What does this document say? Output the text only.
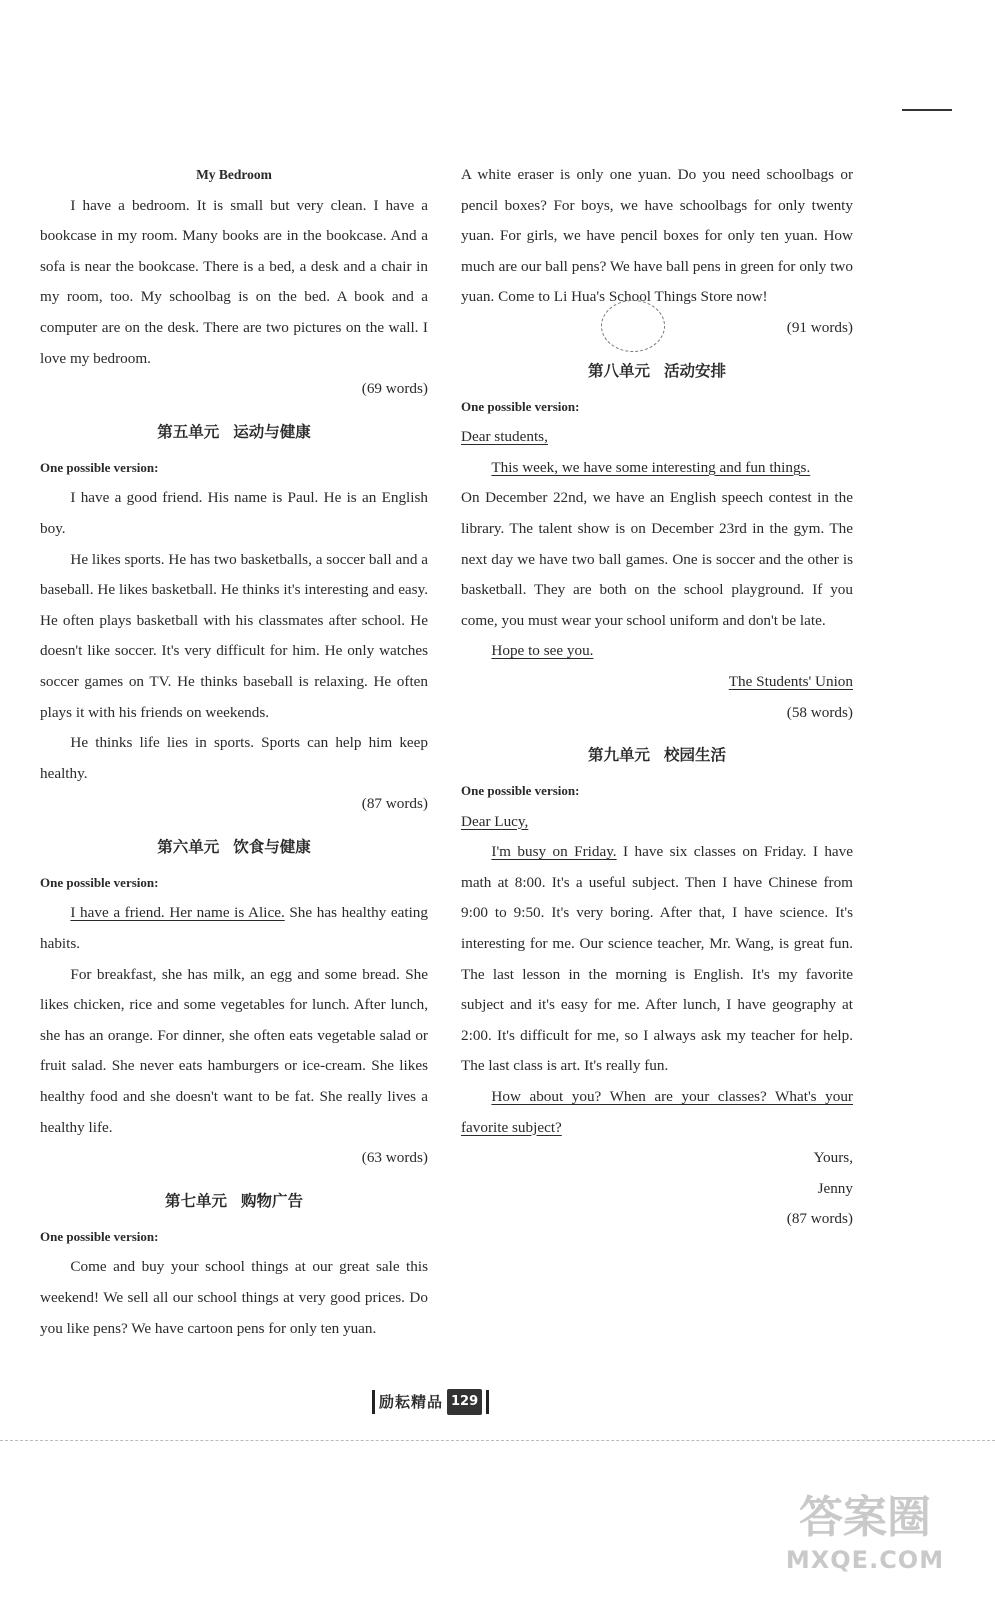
My Bedroom

I have a bedroom. It is small but very clean. I have a bookcase in my room. Many books are in the bookcase. And a sofa is near the bookcase. There is a bed, a desk and a chair in my room, too. My schoolbag is on the bed. A book and a computer are on the desk. There are two pictures on the wall. I love my bedroom.

(69 words)

第五单元 运动与健康

One possible version:

I have a good friend. His name is Paul. He is an English boy.

He likes sports. He has two basketballs, a soccer ball and a baseball. He likes basketball. He thinks it's interesting and easy. He often plays basketball with his classmates after school. He doesn't like soccer. It's very difficult for him. He only watches soccer games on TV. He thinks baseball is relaxing. He often plays it with his friends on weekends.

He thinks life lies in sports. Sports can help him keep healthy.

(87 words)

第六单元 饮食与健康

One possible version:

I have a friend. Her name is Alice. She has healthy eating habits.

For breakfast, she has milk, an egg and some bread. She likes chicken, rice and some vegetables for lunch. After lunch, she has an orange. For dinner, she often eats vegetable salad or fruit salad. She never eats hamburgers or ice-cream. She likes healthy food and she doesn't want to be fat. She really lives a healthy life.

(63 words)

第七单元 购物广告

One possible version:

Come and buy your school things at our great sale this weekend! We sell all our school things at very good prices. Do you like pens? We have cartoon pens for only ten yuan.

A white eraser is only one yuan. Do you need schoolbags or pencil boxes? For boys, we have schoolbags for only twenty yuan. For girls, we have pencil boxes for only ten yuan. How much are our ball pens? We have ball pens in green for only two yuan. Come to Li Hua's School Things Store now!

(91 words)

第八单元 活动安排

One possible version:

Dear students,

This week, we have some interesting and fun things.

On December 22nd, we have an English speech contest in the library. The talent show is on December 23rd in the gym. The next day we have two ball games. One is soccer and the other is basketball. They are both on the school playground. If you come, you must wear your school uniform and don't be late.

Hope to see you.

The Students' Union

(58 words)

第九单元 校园生活

One possible version:

Dear Lucy,

I'm busy on Friday. I have six classes on Friday. I have math at 8:00. It's a useful subject. Then I have Chinese from 9:00 to 9:50. It's very boring. After that, I have science. It's interesting for me. Our science teacher, Mr. Wang, is great fun. The last lesson in the morning is English. It's my favorite subject and it's easy for me. After lunch, I have geography at 2:00. It's difficult for me, so I always ask my teacher for help. The last class is art. It's really fun.

How about you? When are your classes? What's your favorite subject?

Yours,

Jenny

(87 words)

励耘精品 129
答案圈
MXQE.COM
